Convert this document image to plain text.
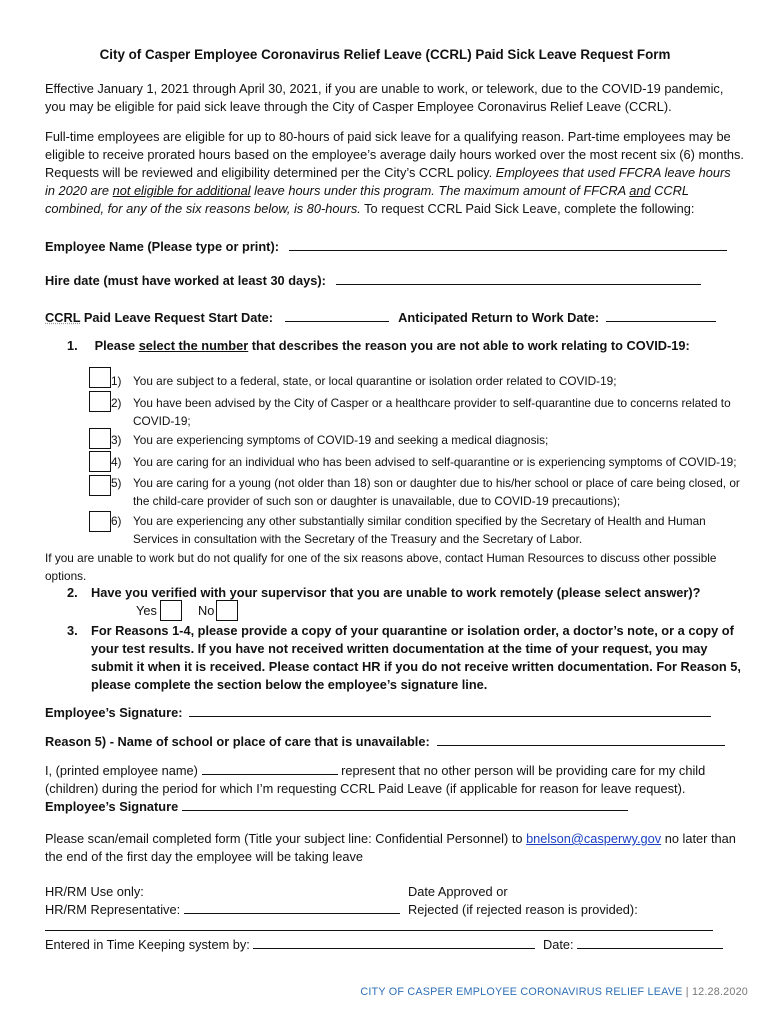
City of Casper Employee Coronavirus Relief Leave (CCRL) Paid Sick Leave Request Form
Effective January 1, 2021 through April 30, 2021, if you are unable to work, or telework, due to the COVID-19 pandemic,
you may be eligible for paid sick leave through the City of Casper Employee Coronavirus Relief Leave (CCRL).
Full-time employees are eligible for up to 80-hours of paid sick leave for a qualifying reason. Part-time employees may be
eligible to receive prorated hours based on the employee’s average daily hours worked over the most recent six (6) months.
Requests will be reviewed and eligibility determined per the City’s CCRL policy. Employees that used FFCRA leave hours
in 2020 are not eligible for additional leave hours under this program. The maximum amount of FFCRA and CCRL
combined, for any of the six reasons below, is 80-hours. To request CCRL Paid Sick Leave, complete the following:
Employee Name (Please type or print):
Hire date (must have worked at least 30 days):
CCRL Paid Leave Request Start Date:	Anticipated Return to Work Date:
1. Please select the number that describes the reason you are not able to work relating to COVID-19:
1) You are subject to a federal, state, or local quarantine or isolation order related to COVID-19;
2) You have been advised by the City of Casper or a healthcare provider to self-quarantine due to concerns related to
COVID-19;
3) You are experiencing symptoms of COVID-19 and seeking a medical diagnosis;
4) You are caring for an individual who has been advised to self-quarantine or is experiencing symptoms of COVID-19;
5) You are caring for a young (not older than 18) son or daughter due to his/her school or place of care being closed, or
the child-care provider of such son or daughter is unavailable, due to COVID-19 precautions);
6) You are experiencing any other substantially similar condition specified by the Secretary of Health and Human
Services in consultation with the Secretary of the Treasury and the Secretary of Labor.
If you are unable to work but do not qualify for one of the six reasons above, contact Human Resources to discuss other possible
options.
2. Have you verified with your supervisor that you are unable to work remotely (please select answer)?
Yes	No
3. For Reasons 1-4, please provide a copy of your quarantine or isolation order, a doctor’s note, or a copy of
your test results. If you have not received written documentation at the time of your request, you may
submit it when it is received. Please contact HR if you do not receive written documentation. For Reason 5,
please complete the section below the employee’s signature line.
Employee’s Signature:
Reason 5) - Name of school or place of care that is unavailable:
I, (printed employee name)	represent that no other person will be providing care for my child
(children) during the period for which I’m requesting CCRL Paid Leave (if applicable for reason for leave request).
Employee’s Signature
Please scan/email completed form (Title your subject line: Confidential Personnel) to bnelson@casperwy.gov no later than
the end of the first day the employee will be taking leave
HR/RM Use only:
HR/RM Representative:
Date Approved or
Rejected (if rejected reason is provided):
Entered in Time Keeping system by:	Date:
CITY OF CASPER EMPLOYEE CORONAVIRUS RELIEF LEAVE | 12.28.2020
